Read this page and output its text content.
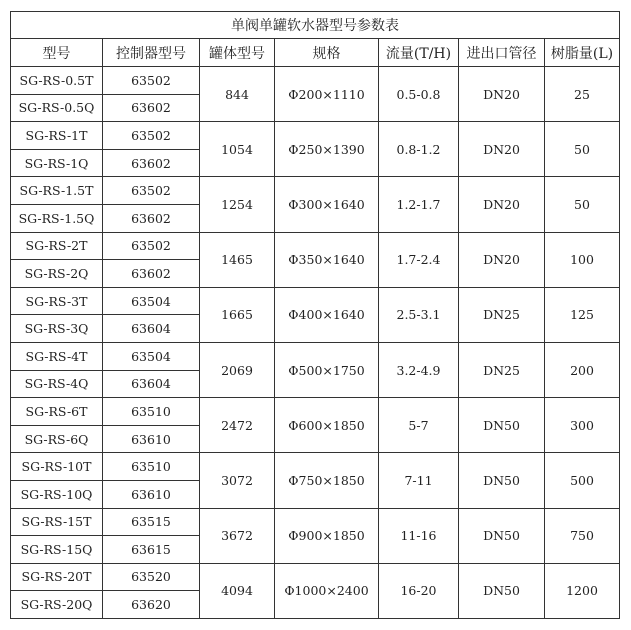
单阀单罐软水器型号参数表						
型号	控制器型号	罐体型号	规格	流量(T/H)	进出口管径	树脂量(L)
SG-RS-0.5T	63502	844	Φ200×1110	0.5-0.8	DN20	25
SG-RS-0.5Q	63602					
SG-RS-1T	63502	1054	Φ250×1390	0.8-1.2	DN20	50
SG-RS-1Q	63602					
SG-RS-1.5T	63502	1254	Φ300×1640	1.2-1.7	DN20	50
SG-RS-1.5Q	63602					
SG-RS-2T	63502	1465	Φ350×1640	1.7-2.4	DN20	100
SG-RS-2Q	63602					
SG-RS-3T	63504	1665	Φ400×1640	2.5-3.1	DN25	125
SG-RS-3Q	63604					
SG-RS-4T	63504	2069	Φ500×1750	3.2-4.9	DN25	200
SG-RS-4Q	63604					
SG-RS-6T	63510	2472	Φ600×1850	5-7	DN50	300
SG-RS-6Q	63610					
SG-RS-10T	63510	3072	Φ750×1850	7-11	DN50	500
SG-RS-10Q	63610					
SG-RS-15T	63515	3672	Φ900×1850	11-16	DN50	750
SG-RS-15Q	63615					
SG-RS-20T	63520	4094	Φ1000×2400	16-20	DN50	1200
SG-RS-20Q	63620					
